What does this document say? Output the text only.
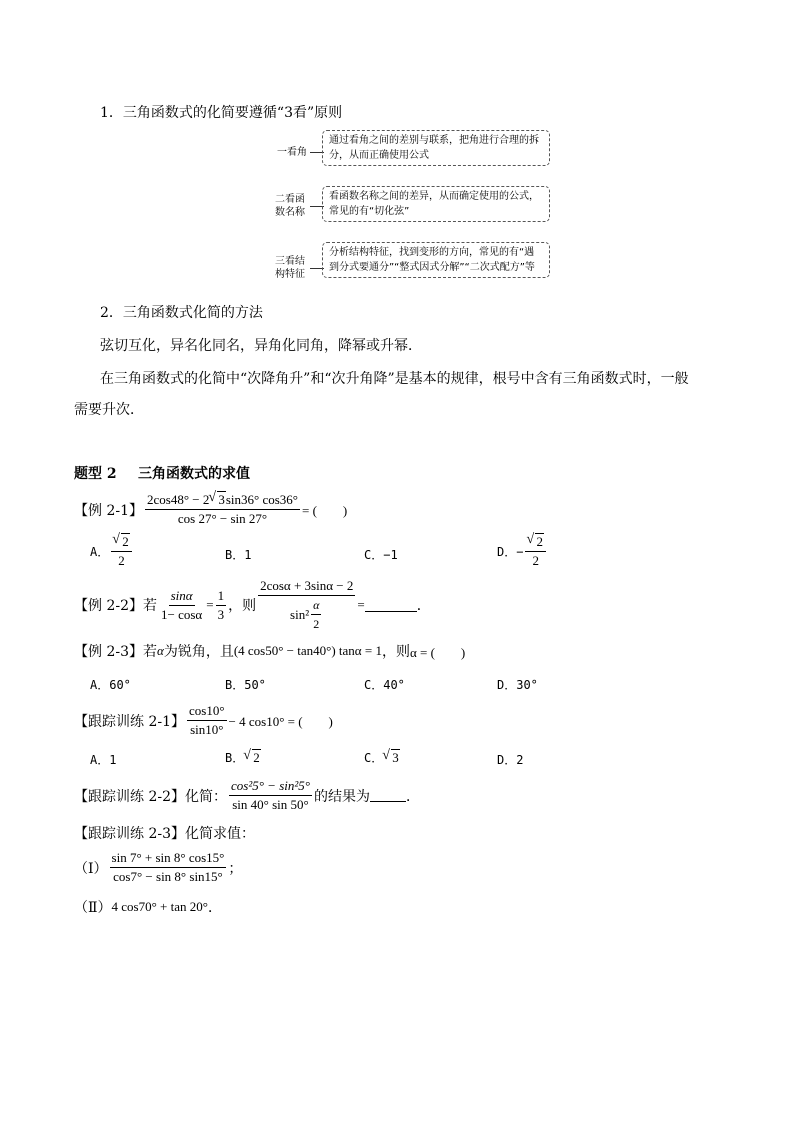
1．三角函数式的化简要遵循“3看”原则
一看角
通过看角之间的差别与联系，把角进行合理的拆分，从而正确使用公式
二看函数名称
看函数名称之间的差异，从而确定使用的公式，常见的有“切化弦”
三看结构特征
分析结构特征，找到变形的方向，常见的有“遇到分式要通分”“整式因式分解”“二次式配方”等
2．三角函数式化简的方法
弦切互化，异名化同名，异角化同角，降幂或升幂．
在三角函数式的化简中“次降角升”和“次升角降”是基本的规律，根号中含有三角函数式时，一般
需要升次．
题型 2 三角函数式的求值
【例 2-1】 $\frac{2\cos 48^\circ - 2 √ 3\sin 36^\circ \cos 36^\circ}{\cos 27^\circ - \sin 27^\circ}$ = (　　)
A． √ $\frac{2}{2}$	B．1	C．−1	D．− √ $\frac{2}{2}$
【例 2-2】 若 $\frac{\sin\alpha}{1- \cos\alpha} = \frac{1}{3}$ ，则 $\frac{2\cos\alpha + 3\sin\alpha - 2}{\sin^2 \frac{\alpha}{2}}$ =	．
【例 2-3】 若 α 为锐角，且 (4 cos50° − tan40°) tanα = 1 ，则 α = (　　)
A．60°	B．50°	C．40°	D．30°
【跟踪训练 2-1】 $\frac{\cos 10^\circ}{\sin 10^\circ} - 4$ cos10° = (　　)
A．1	B． √ 2	C． √ 3	D．2
【跟踪训练 2-2】 化简： $\frac{\text{cos²5° − sin²5°}}{\sin 40^\circ \sin 50^\circ}$ 的结果为	．
【跟踪训练 2-3】 化简求值：
（Ⅰ） $\frac{\sin 7^\circ + \sin 8^\circ \cos 15^\circ}{\cos 7^\circ - \sin 8^\circ \sin 15^\circ}$ ；
（Ⅱ） 4 cos70° + tan 20° ．
